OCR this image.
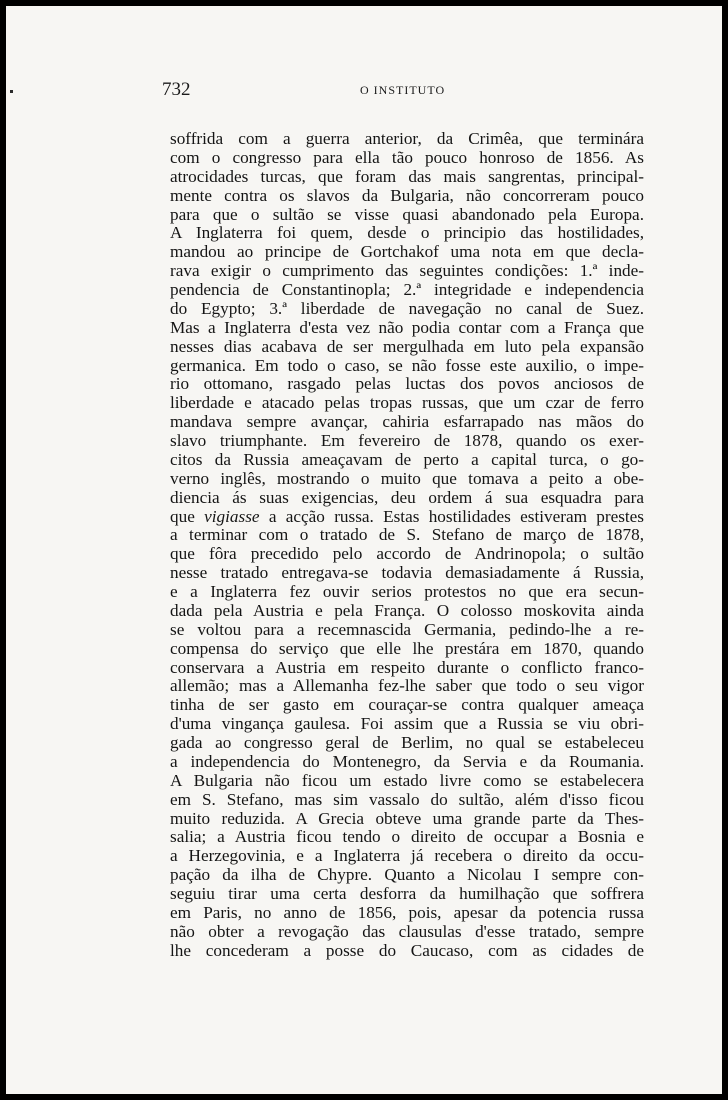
732	O INSTITUTO
soffrida com a guerra anterior, da Crimêa, que terminára
com o congresso para ella tão pouco honroso de 1856. As
atrocidades turcas, que foram das mais sangrentas, principal-
mente contra os slavos da Bulgaria, não concorreram pouco
para que o sultão se visse quasi abandonado pela Europa.
A Inglaterra foi quem, desde o principio das hostilidades,
mandou ao principe de Gortchakof uma nota em que decla-
rava exigir o cumprimento das seguintes condições: 1.ª inde-
pendencia de Constantinopla; 2.ª integridade e independencia
do Egypto; 3.ª liberdade de navegação no canal de Suez.
Mas a Inglaterra d'esta vez não podia contar com a França que
nesses dias acabava de ser mergulhada em luto pela expansão
germanica. Em todo o caso, se não fosse este auxilio, o impe-
rio ottomano, rasgado pelas luctas dos povos anciosos de
liberdade e atacado pelas tropas russas, que um czar de ferro
mandava sempre avançar, cahiria esfarrapado nas mãos do
slavo triumphante. Em fevereiro de 1878, quando os exer-
citos da Russia ameaçavam de perto a capital turca, o go-
verno inglês, mostrando o muito que tomava a peito a obe-
diencia ás suas exigencias, deu ordem á sua esquadra para
que vigiasse a acção russa. Estas hostilidades estiveram prestes
a terminar com o tratado de S. Stefano de março de 1878,
que fôra precedido pelo accordo de Andrinopola; o sultão
nesse tratado entregava-se todavia demasiadamente á Russia,
e a Inglaterra fez ouvir serios protestos no que era secun-
dada pela Austria e pela França. O colosso moskovita ainda
se voltou para a recemnascida Germania, pedindo-lhe a re-
compensa do serviço que elle lhe prestára em 1870, quando
conservara a Austria em respeito durante o conflicto franco-
allemão; mas a Allemanha fez-lhe saber que todo o seu vigor
tinha de ser gasto em couraçar-se contra qualquer ameaça
d'uma vingança gaulesa. Foi assim que a Russia se viu obri-
gada ao congresso geral de Berlim, no qual se estabeleceu
a independencia do Montenegro, da Servia e da Roumania.
A Bulgaria não ficou um estado livre como se estabelecera
em S. Stefano, mas sim vassalo do sultão, além d'isso ficou
muito reduzida. A Grecia obteve uma grande parte da Thes-
salia; a Austria ficou tendo o direito de occupar a Bosnia e
a Herzegovinia, e a Inglaterra já recebera o direito da occu-
pação da ilha de Chypre. Quanto a Nicolau I sempre con-
seguiu tirar uma certa desforra da humilhação que soffrera
em Paris, no anno de 1856, pois, apesar da potencia russa
não obter a revogação das clausulas d'esse tratado, sempre
lhe concederam a posse do Caucaso, com as cidades de
